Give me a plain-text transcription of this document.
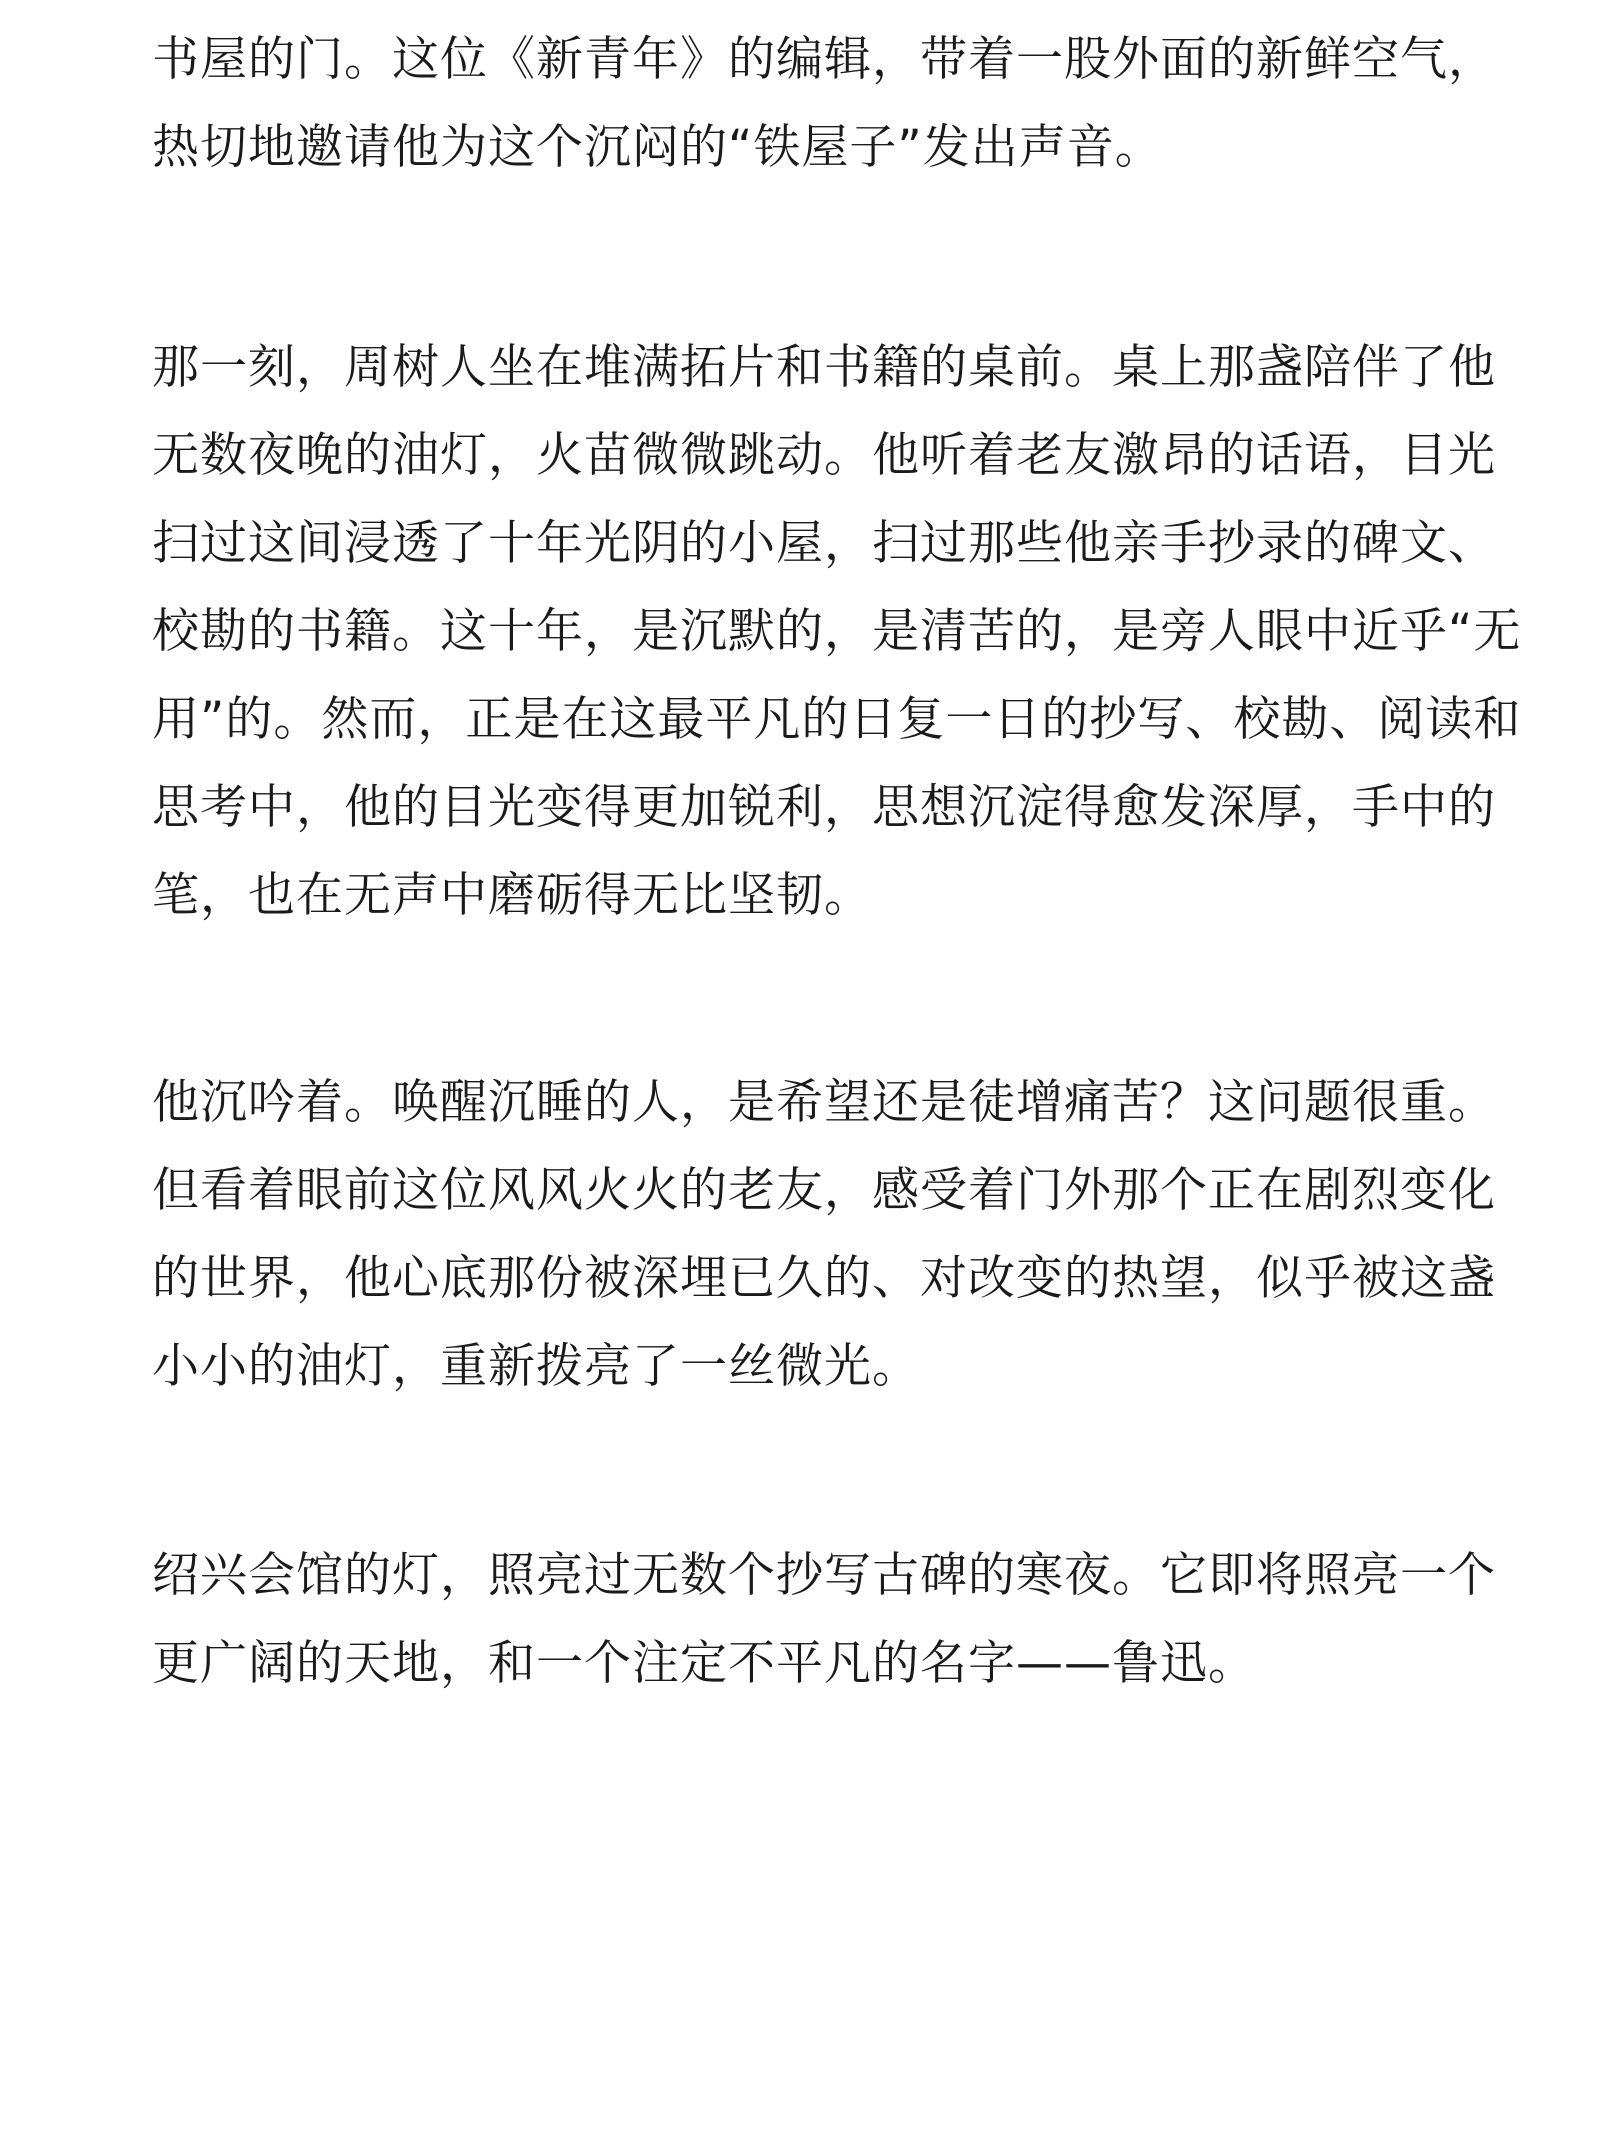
书屋的门。这位《新青年》的编辑，带着一股外面的新鲜空气，
热切地邀请他为这个沉闷的“铁屋子”发出声音。
那一刻，周树人坐在堆满拓片和书籍的桌前。桌上那盏陪伴了他
无数夜晚的油灯，火苗微微跳动。他听着老友激昂的话语，目光
扫过这间浸透了十年光阴的小屋，扫过那些他亲手抄录的碑文、
校勘的书籍。这十年，是沉默的，是清苦的，是旁人眼中近乎“无
用”的。然而，正是在这最平凡的日复一日的抄写、校勘、阅读和
思考中，他的目光变得更加锐利，思想沉淀得愈发深厚，手中的
笔，也在无声中磨砺得无比坚韧。
他沉吟着。唤醒沉睡的人，是希望还是徒增痛苦？这问题很重。
但看着眼前这位风风火火的老友，感受着门外那个正在剧烈变化
的世界，他心底那份被深埋已久的、对改变的热望，似乎被这盏
小小的油灯，重新拨亮了一丝微光。
绍兴会馆的灯，照亮过无数个抄写古碑的寒夜。它即将照亮一个
更广阔的天地，和一个注定不平凡的名字——鲁迅。
